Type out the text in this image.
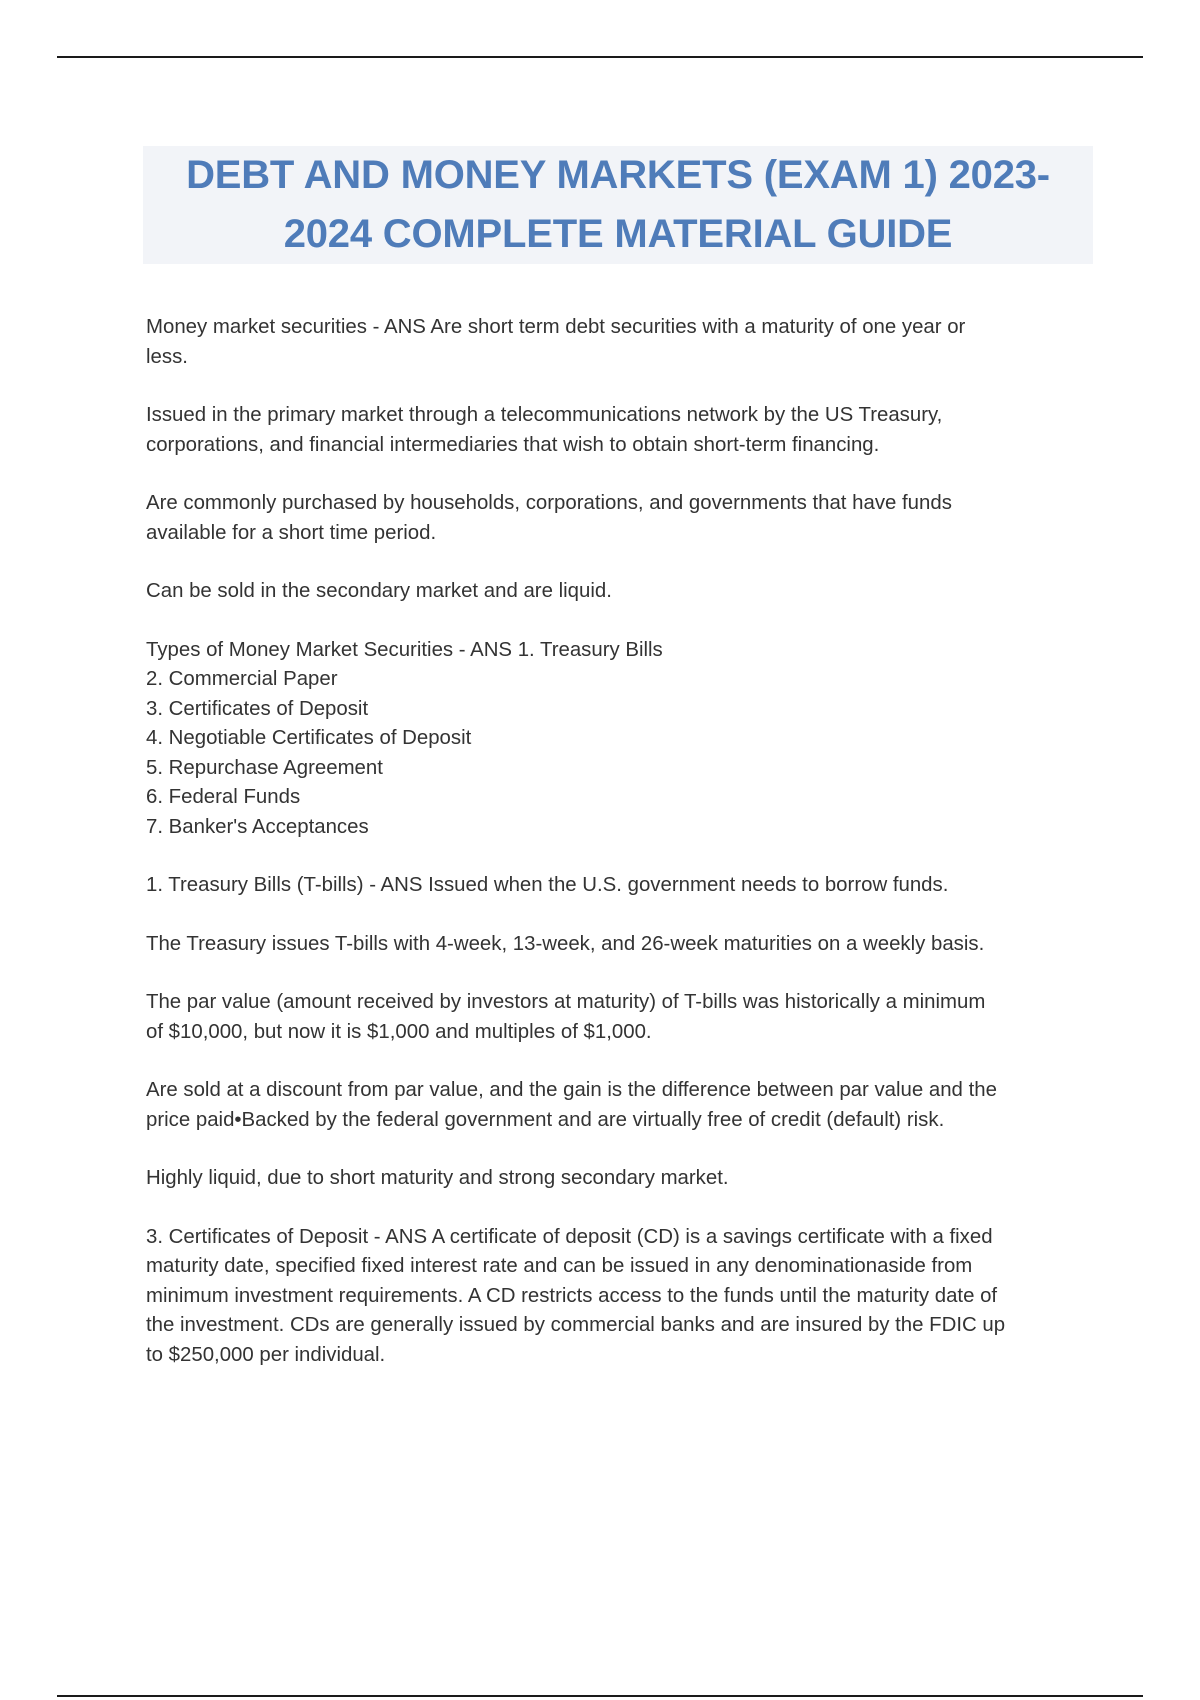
DEBT AND MONEY MARKETS (EXAM 1) 2023-
2024 COMPLETE MATERIAL GUIDE
Money market securities - ANS Are short term debt securities with a maturity of one year or
less.
Issued in the primary market through a telecommunications network by the US Treasury,
corporations, and financial intermediaries that wish to obtain short-term financing.
Are commonly purchased by households, corporations, and governments that have funds
available for a short time period.
Can be sold in the secondary market and are liquid.
Types of Money Market Securities - ANS 1. Treasury Bills
2. Commercial Paper
3. Certificates of Deposit
4. Negotiable Certificates of Deposit
5. Repurchase Agreement
6. Federal Funds
7. Banker's Acceptances
1. Treasury Bills (T-bills) - ANS Issued when the U.S. government needs to borrow funds.
The Treasury issues T-bills with 4-week, 13-week, and 26-week maturities on a weekly basis.
The par value (amount received by investors at maturity) of T-bills was historically a minimum
of $10,000, but now it is $1,000 and multiples of $1,000.
Are sold at a discount from par value, and the gain is the difference between par value and the
price paid•Backed by the federal government and are virtually free of credit (default) risk.
Highly liquid, due to short maturity and strong secondary market.
3. Certificates of Deposit - ANS A certificate of deposit (CD) is a savings certificate with a fixed
maturity date, specified fixed interest rate and can be issued in any denominationaside from
minimum investment requirements. A CD restricts access to the funds until the maturity date of
the investment. CDs are generally issued by commercial banks and are insured by the FDIC up
to $250,000 per individual.
